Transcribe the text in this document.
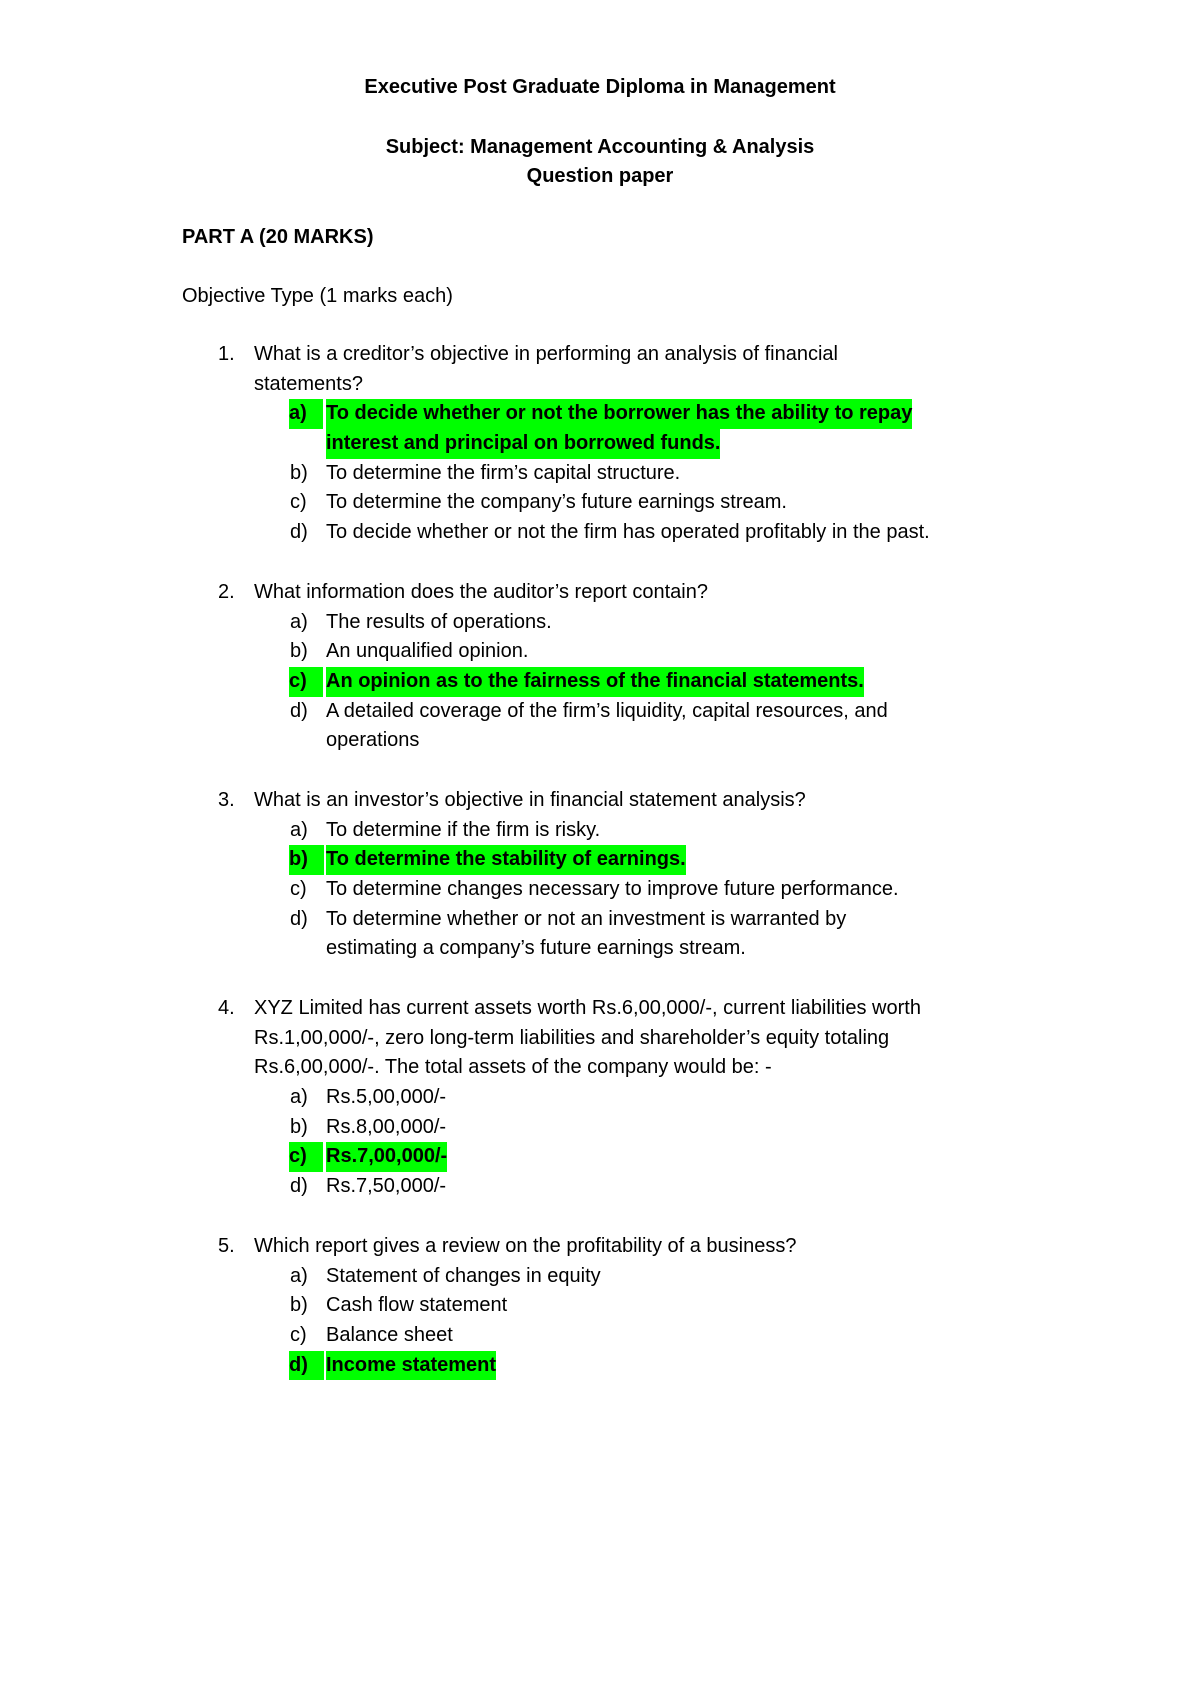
Executive Post Graduate Diploma in Management
Subject: Management Accounting & Analysis
Question paper
PART A (20 MARKS)
Objective Type (1 marks each)
1. What is a creditor’s objective in performing an analysis of financial
statements?
a) To decide whether or not the borrower has the ability to repay
interest and principal on borrowed funds.
b) To determine the firm’s capital structure.
c) To determine the company’s future earnings stream.
d) To decide whether or not the firm has operated profitably in the past.
2. What information does the auditor’s report contain?
a) The results of operations.
b) An unqualified opinion.
c) An opinion as to the fairness of the financial statements.
d) A detailed coverage of the firm’s liquidity, capital resources, and
operations
3. What is an investor’s objective in financial statement analysis?
a) To determine if the firm is risky.
b) To determine the stability of earnings.
c) To determine changes necessary to improve future performance.
d) To determine whether or not an investment is warranted by
estimating a company’s future earnings stream.
4. XYZ Limited has current assets worth Rs.6,00,000/-, current liabilities worth
Rs.1,00,000/-, zero long-term liabilities and shareholder’s equity totaling
Rs.6,00,000/-. The total assets of the company would be: -
a) Rs.5,00,000/-
b) Rs.8,00,000/-
c) Rs.7,00,000/-
d) Rs.7,50,000/-
5. Which report gives a review on the profitability of a business?
a) Statement of changes in equity
b) Cash flow statement
c) Balance sheet
d) Income statement
